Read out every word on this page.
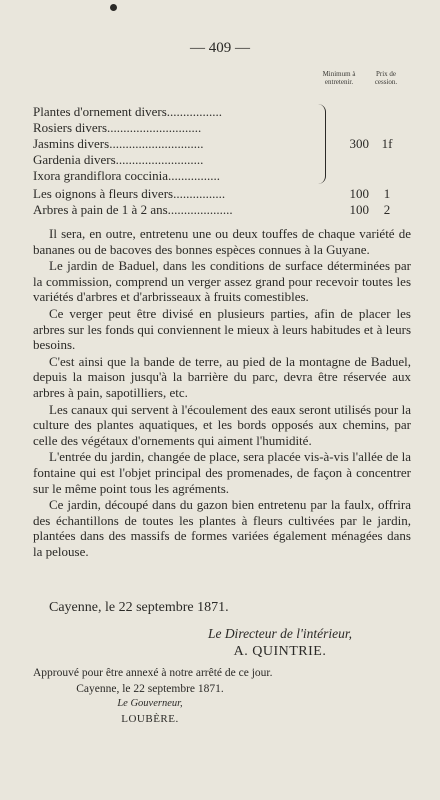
— 409 —
Minimum à entretenir.
Prix de cession.
Plantes d'ornement divers.................
Rosiers divers.............................
Jasmins divers.............................
Gardenia divers...........................
Ixora grandiflora coccinia................
300 1f
Les oignons à fleurs divers................	100	1
Arbres à pain de 1 à 2 ans....................	100	2

Il sera, en outre, entretenu une ou deux touffes de chaque variété de bananes ou de bacoves des bonnes espèces connues à la Guyane.

Le jardin de Baduel, dans les conditions de surface déterminées par la commission, comprend un verger assez grand pour recevoir toutes les variétés d'arbres et d'arbrisseaux à fruits comestibles.

Ce verger peut être divisé en plusieurs parties, afin de placer les arbres sur les fonds qui conviennent le mieux à leurs habitudes et à leurs besoins.

C'est ainsi que la bande de terre, au pied de la montagne de Baduel, depuis la maison jusqu'à la barrière du parc, devra être réservée aux arbres à pain, sapotilliers, etc.

Les canaux qui servent à l'écoulement des eaux seront utilisés pour la culture des plantes aquatiques, et les bords opposés aux chemins, par celle des végétaux d'ornements qui aiment l'humidité.

L'entrée du jardin, changée de place, sera placée vis-à-vis l'allée de la fontaine qui est l'objet principal des promenades, de façon à concentrer sur le même point tous les agréments.

Ce jardin, découpé dans du gazon bien entretenu par la faulx, offrira des échantillons de toutes les plantes à fleurs cultivées par le jardin, plantées dans des massifs de formes variées également ménagées dans la pelouse.

Cayenne, le 22 septembre 1871.
Le Directeur de l'intérieur,
A. QUINTRIE.
Approuvé pour être annexé à notre arrêté de ce jour.
Cayenne, le 22 septembre 1871.
Le Gouverneur,
LOUBÈRE.
